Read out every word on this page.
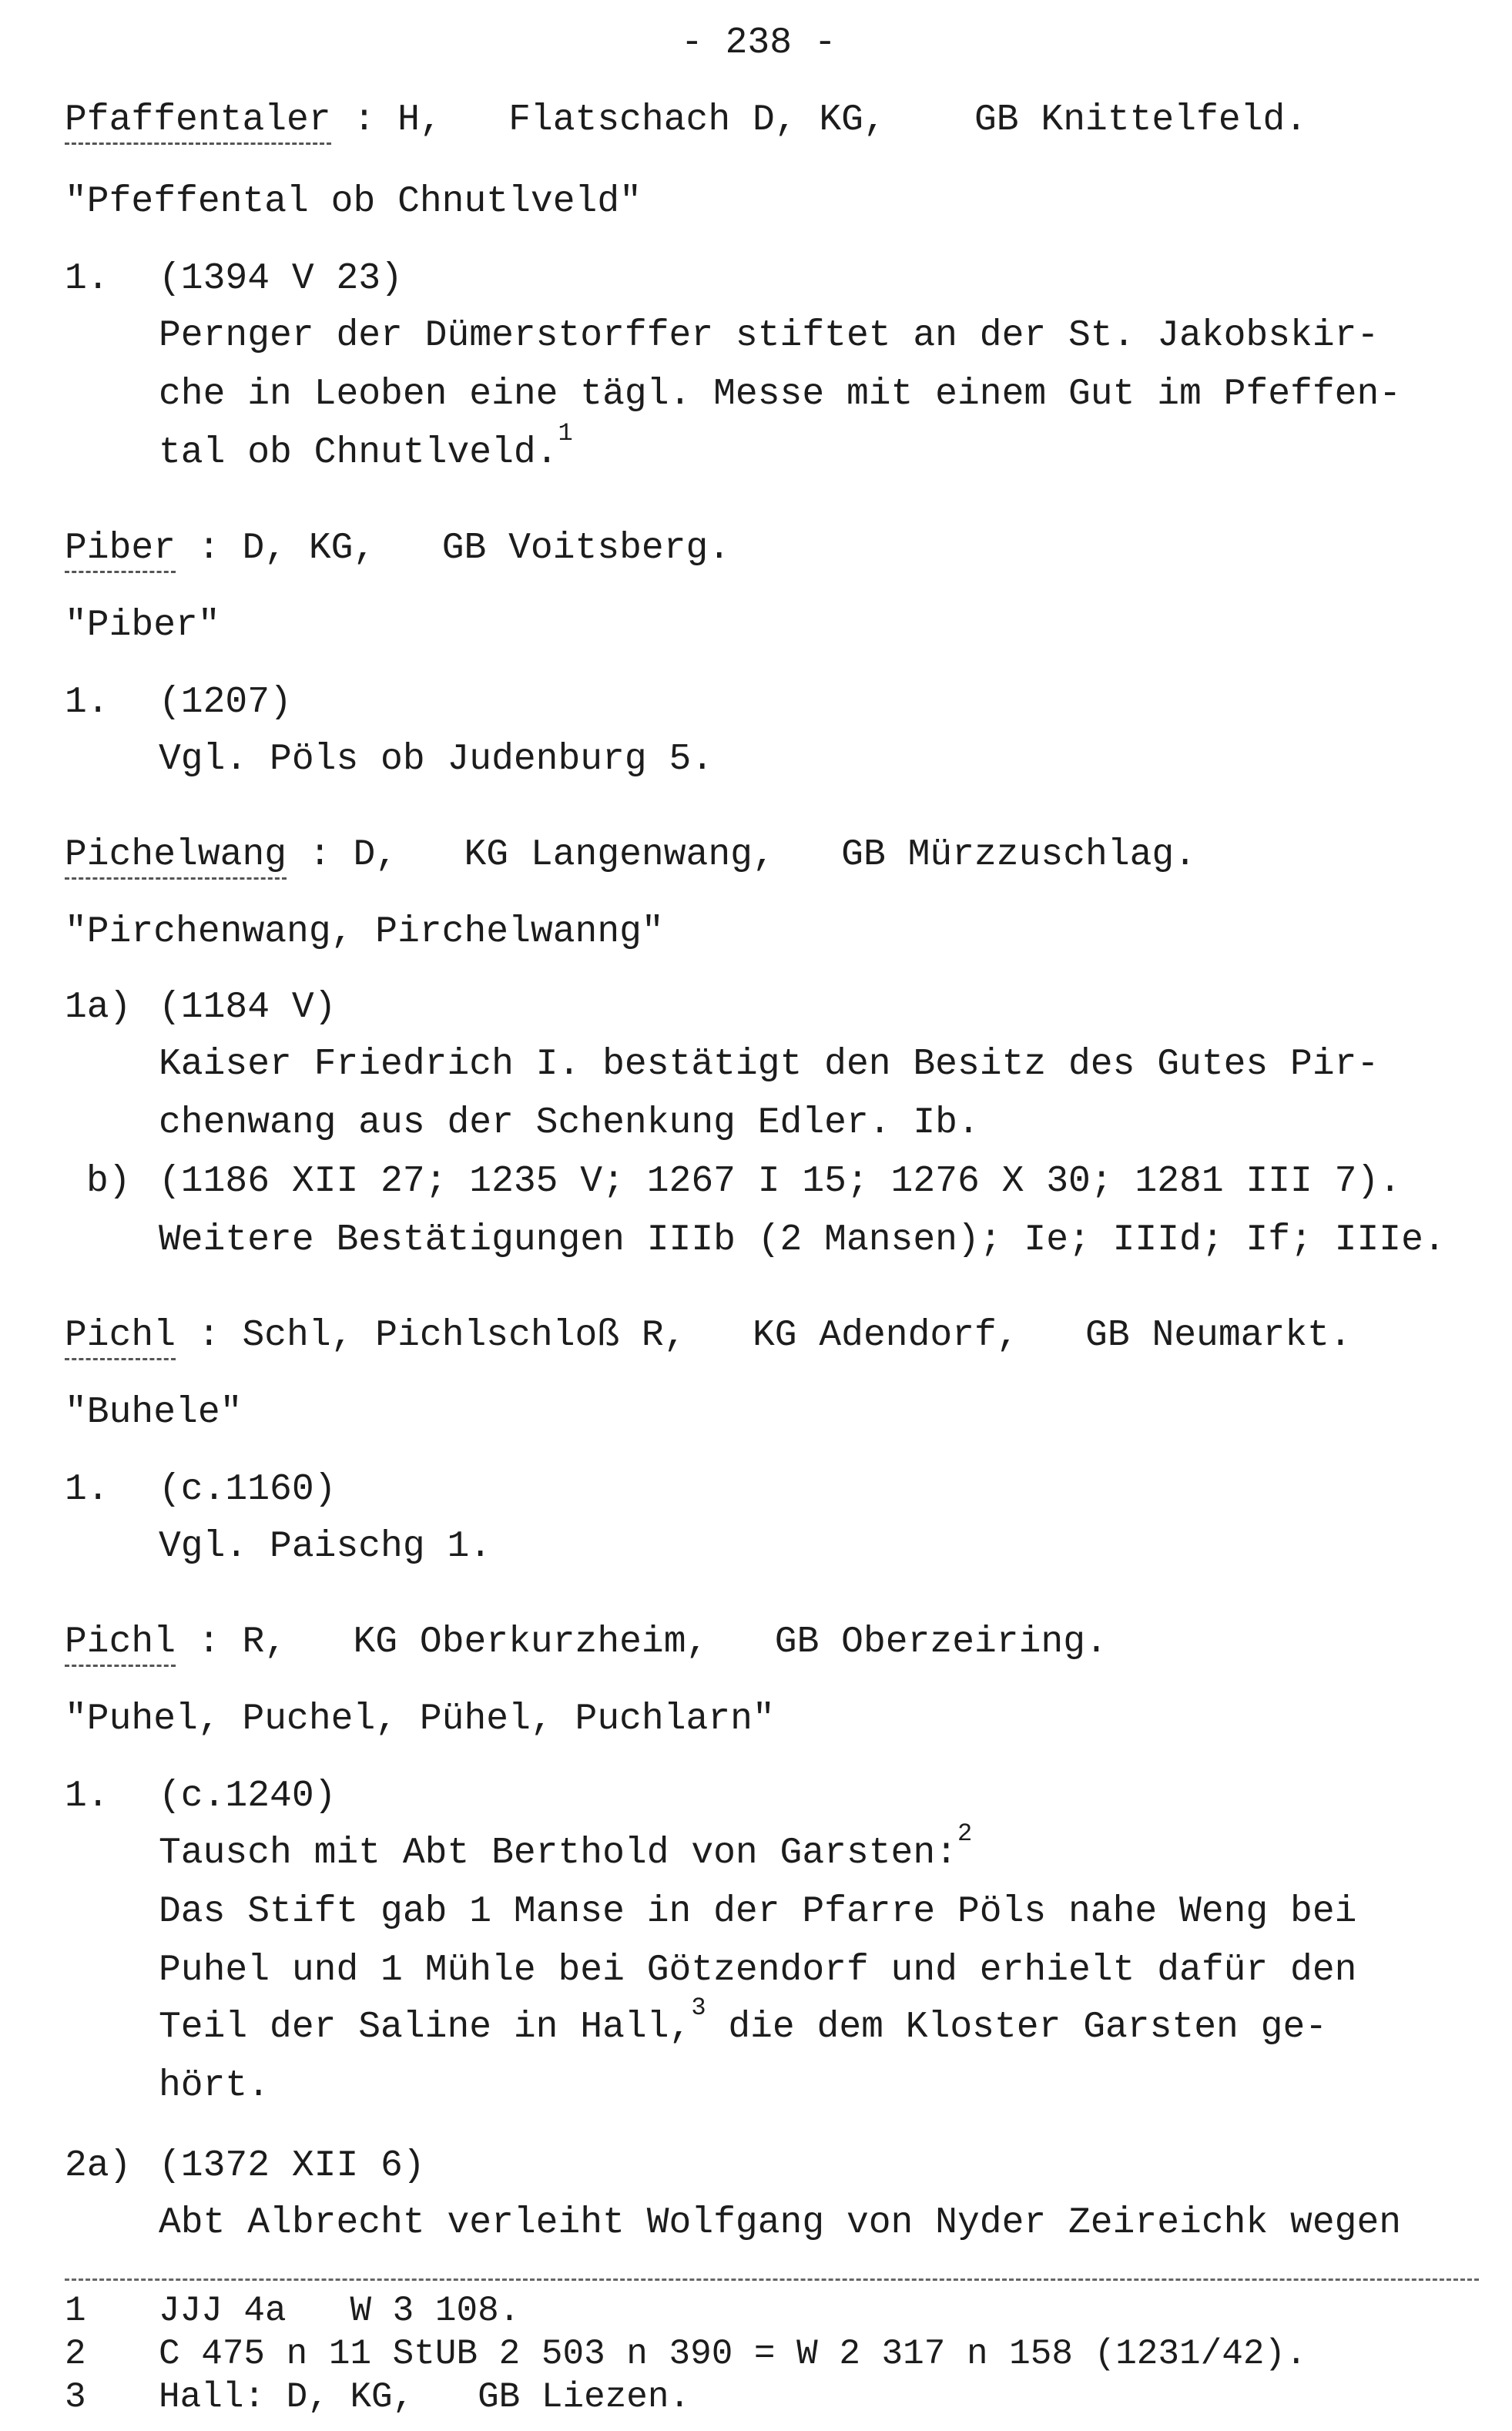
- 238 -
Pfaffentaler : H,   Flatschach D, KG,    GB Knittelfeld.
"Pfeffental ob Chnutlveld"
1. (1394 V 23)
Pernger der Dümerstorffer stiftet an der St. Jakobskir-
che in Leoben eine tägl. Messe mit einem Gut im Pfeffen-
tal ob Chnutlveld.$^1$
Piber : D, KG,   GB Voitsberg.
"Piber"
1. (1207)
Vgl. Pöls ob Judenburg 5.
Pichelwang : D,   KG Langenwang,   GB Mürzzuschlag.
"Pirchenwang, Pirchelwanng"
1a) (1184 V)
Kaiser Friedrich I. bestätigt den Besitz des Gutes Pir-
chenwang aus der Schenkung Edler. Ib.
b) (1186 XII 27; 1235 V; 1267 I 15; 1276 X 30; 1281 III 7).
Weitere Bestätigungen IIIb (2 Mansen); Ie; IIId; If; IIIe.
Pichl : Schl, Pichlschloß R,   KG Adendorf,   GB Neumarkt.
"Buhele"
1. (c.1160)
Vgl. Paischg 1.
Pichl : R,   KG Oberkurzheim,   GB Oberzeiring.
"Puhel, Puchel, Pühel, Puchlarn"
1. (c.1240)
Tausch mit Abt Berthold von Garsten:$^2$
Das Stift gab 1 Manse in der Pfarre Pöls nahe Weng bei
Puhel und 1 Mühle bei Götzendorf und erhielt dafür den
Teil der Saline in Hall,$^3$ die dem Kloster Garsten ge-
hört.
2a) (1372 XII 6)
Abt Albrecht verleiht Wolfgang von Nyder Zeireichk wegen
1 JJJ 4a   W 3 108.
2 C 475 n 11 StUB 2 503 n 390 = W 2 317 n 158 (1231/42).
3 Hall: D, KG,   GB Liezen.
